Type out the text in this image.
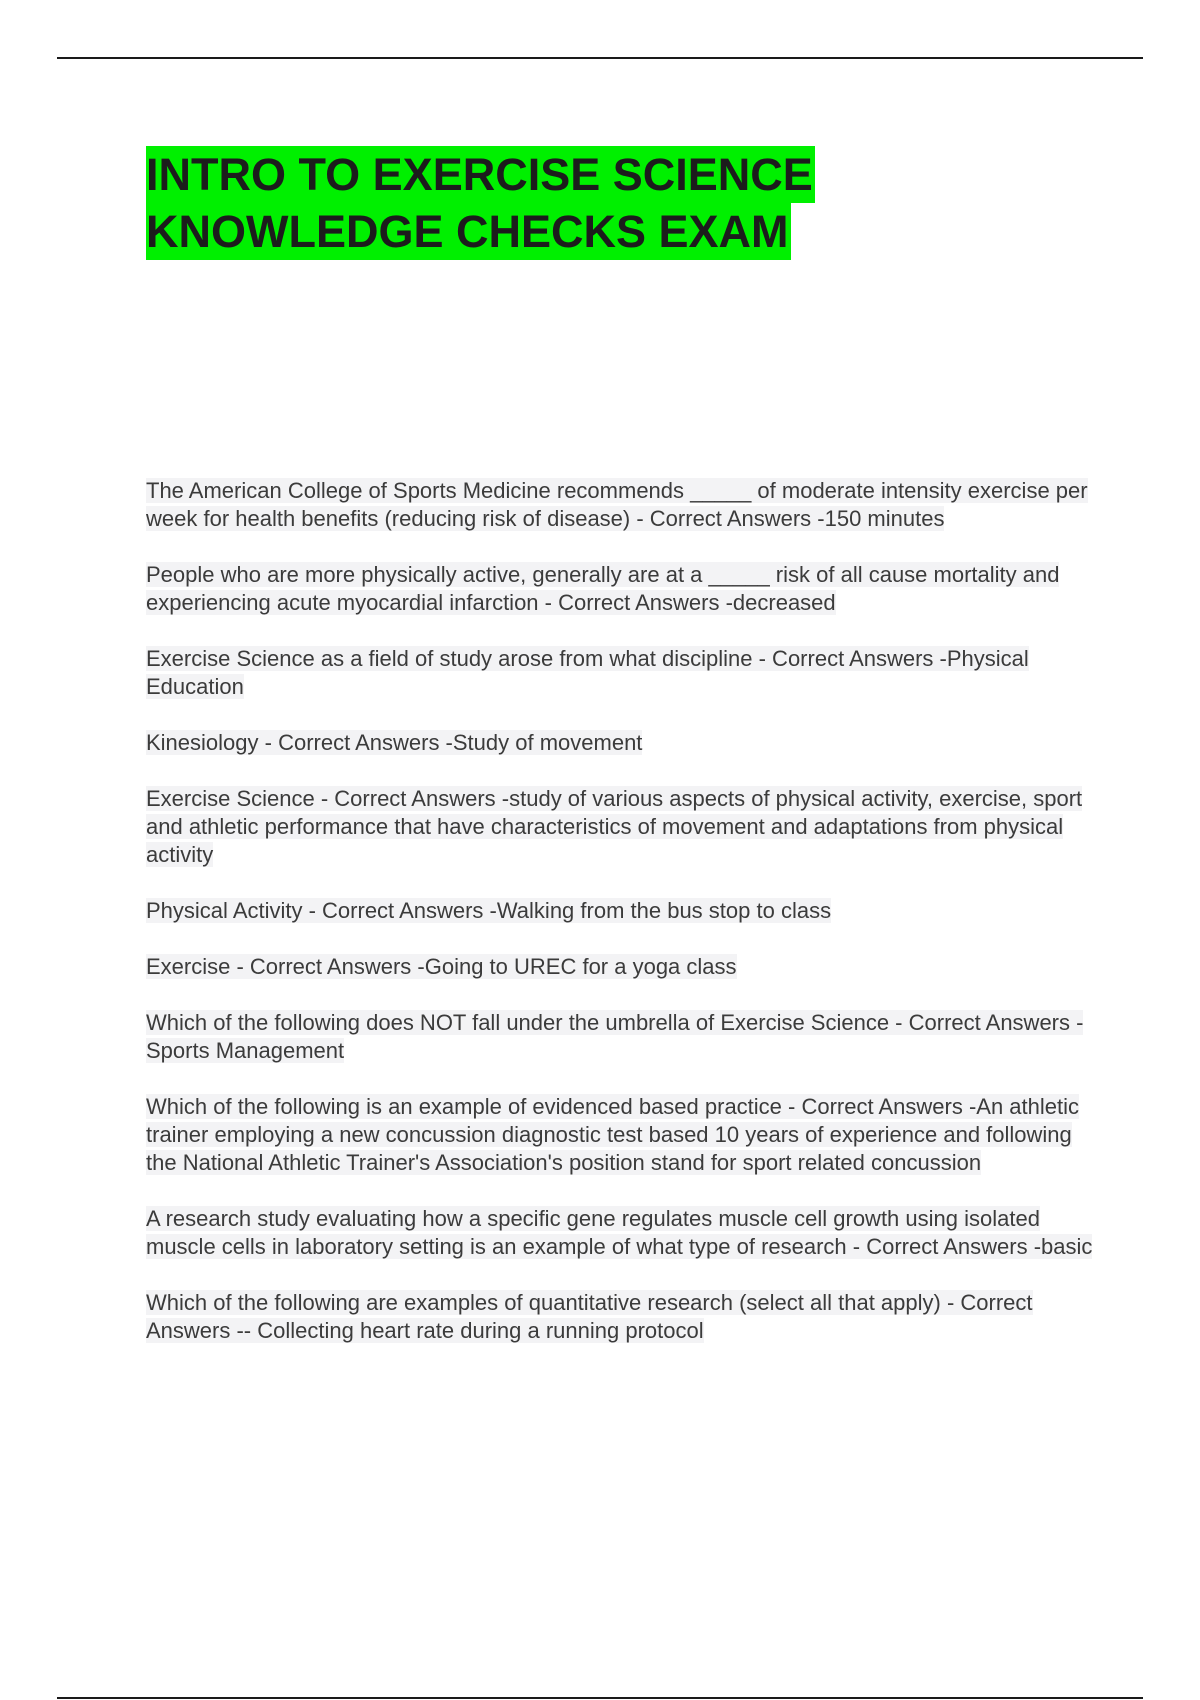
INTRO TO EXERCISE SCIENCE
KNOWLEDGE CHECKS EXAM

The American College of Sports Medicine recommends _____ of moderate intensity exercise per week for health benefits (reducing risk of disease) - Correct Answers -150 minutes

People who are more physically active, generally are at a _____ risk of all cause mortality and experiencing acute myocardial infarction - Correct Answers -decreased

Exercise Science as a field of study arose from what discipline - Correct Answers -Physical Education

Kinesiology - Correct Answers -Study of movement

Exercise Science - Correct Answers -study of various aspects of physical activity, exercise, sport and athletic performance that have characteristics of movement and adaptations from physical activity

Physical Activity - Correct Answers -Walking from the bus stop to class

Exercise - Correct Answers -Going to UREC for a yoga class

Which of the following does NOT fall under the umbrella of Exercise Science - Correct Answers -Sports Management

Which of the following is an example of evidenced based practice - Correct Answers -An athletic trainer employing a new concussion diagnostic test based 10 years of experience and following the National Athletic Trainer's Association's position stand for sport related concussion

A research study evaluating how a specific gene regulates muscle cell growth using isolated muscle cells in laboratory setting is an example of what type of research - Correct Answers -basic

Which of the following are examples of quantitative research (select all that apply) - Correct Answers -- Collecting heart rate during a running protocol
